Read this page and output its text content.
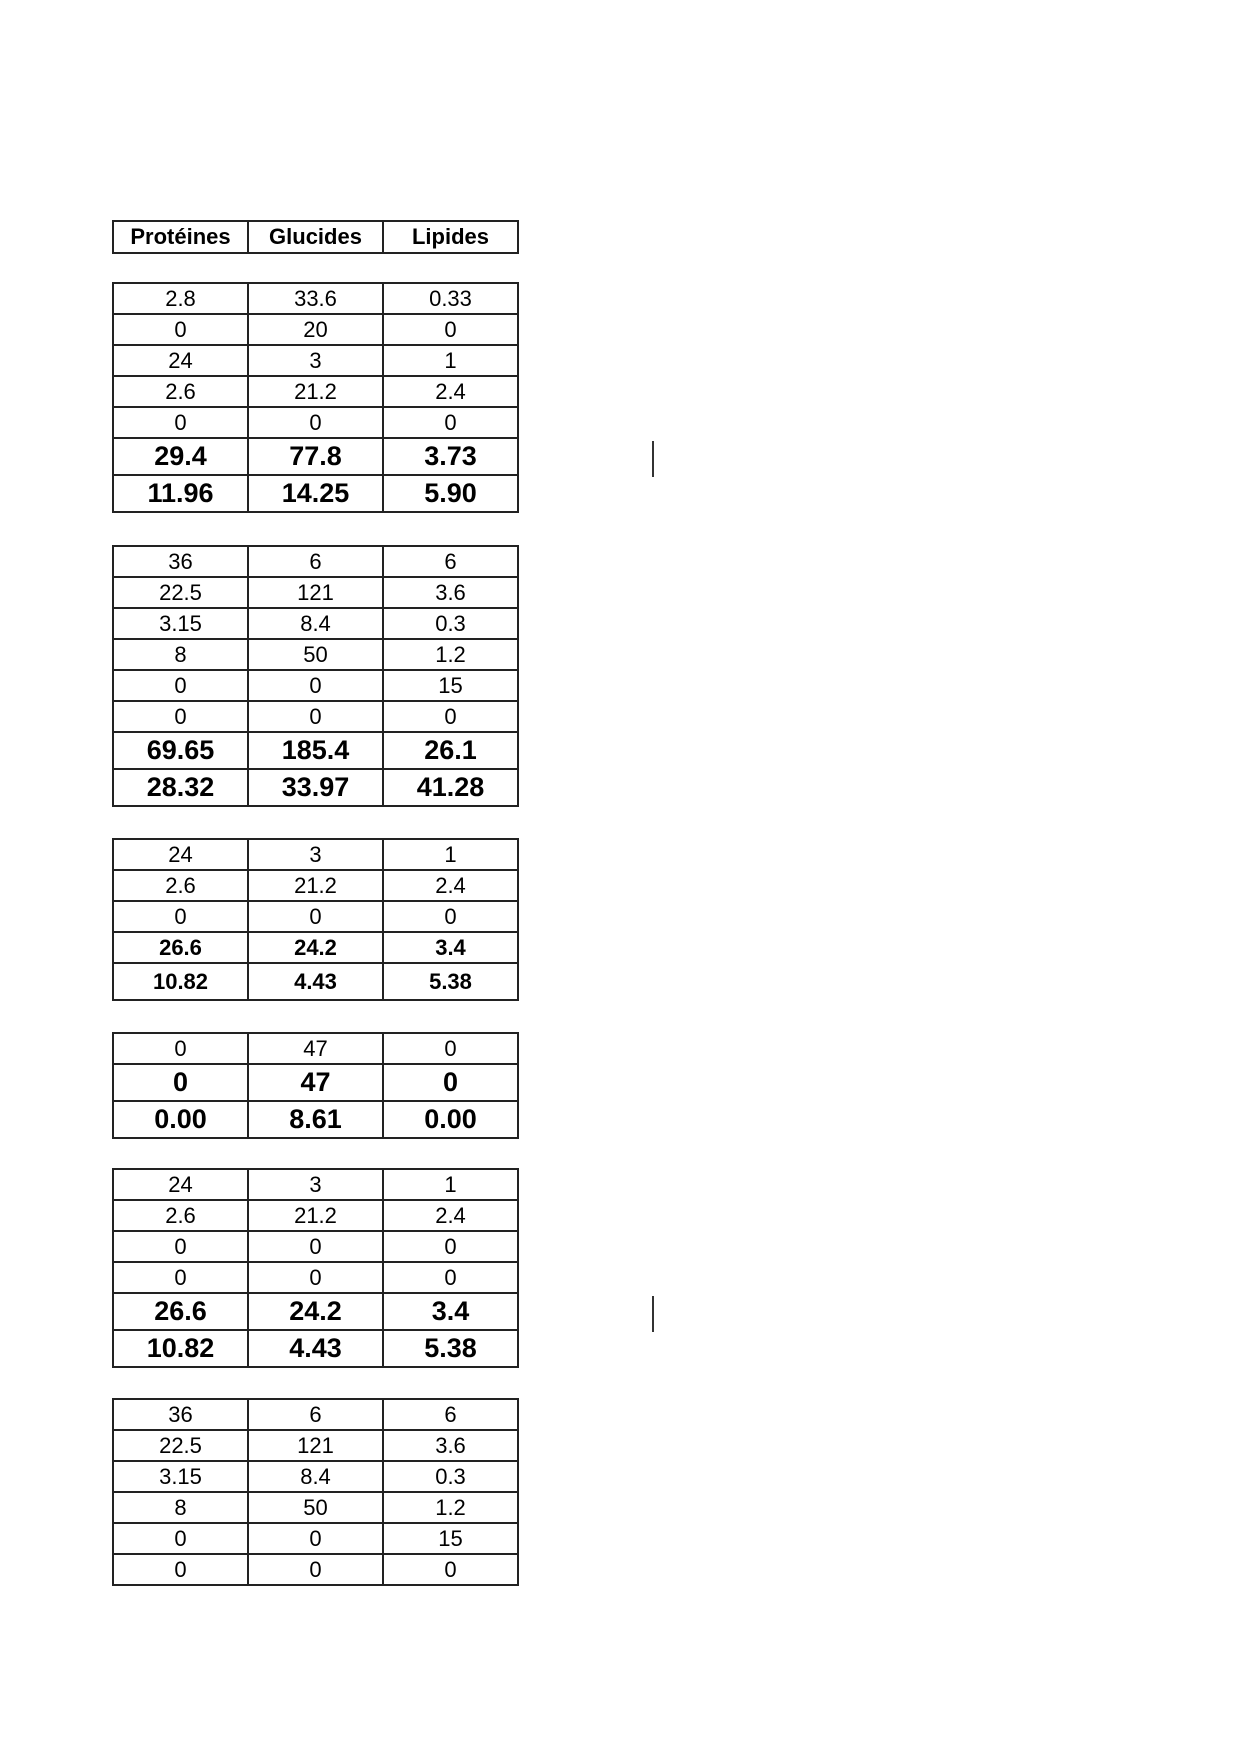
Protéines	Glucides	Lipides
2.8	33.6	0.33
0	20	0
24	3	1
2.6	21.2	2.4
0	0	0
29.4	77.8	3.73
11.96	14.25	5.90
36	6	6
22.5	121	3.6
3.15	8.4	0.3
8	50	1.2
0	0	15
0	0	0
69.65	185.4	26.1
28.32	33.97	41.28
24	3	1
2.6	21.2	2.4
0	0	0
26.6	24.2	3.4
10.82	4.43	5.38
0	47	0
0	47	0
0.00	8.61	0.00
24	3	1
2.6	21.2	2.4
0	0	0
0	0	0
26.6	24.2	3.4
10.82	4.43	5.38
36	6	6
22.5	121	3.6
3.15	8.4	0.3
8	50	1.2
0	0	15
0	0	0
